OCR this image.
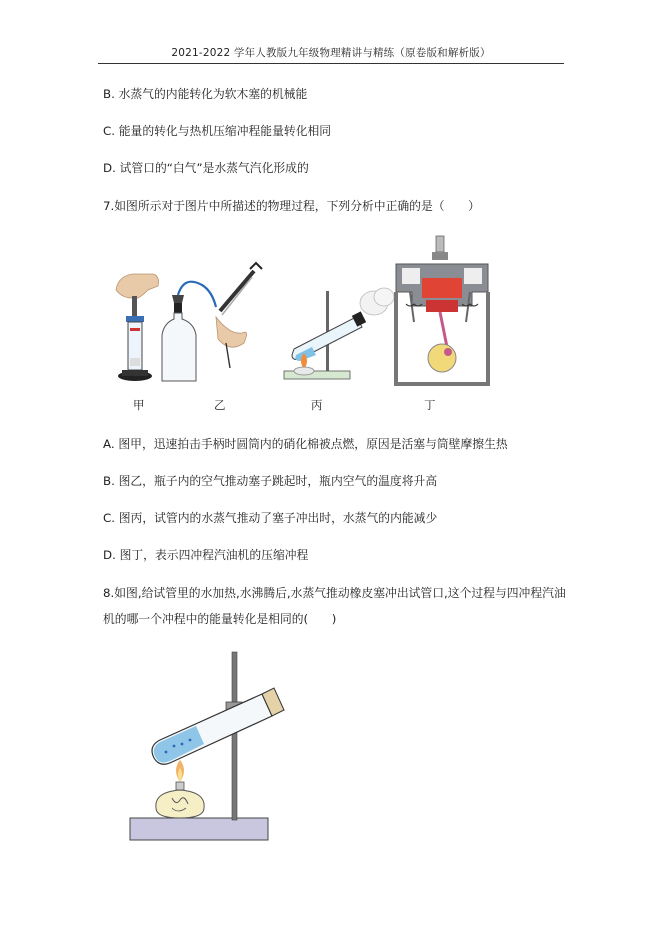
2021-2022 学年人教版九年级物理精讲与精练（原卷版和解析版）
B. 水蒸气的内能转化为软木塞的机械能
C. 能量的转化与热机压缩冲程能量转化相同
D. 试管口的“白气”是水蒸气汽化形成的
7.如图所示对于图片中所描述的物理过程，下列分析中正确的是（　　）
甲	乙	丙	丁
A. 图甲，迅速拍击手柄时圆筒内的硝化棉被点燃，原因是活塞与筒壁摩擦生热
B. 图乙，瓶子内的空气推动塞子跳起时，瓶内空气的温度将升高
C. 图丙，试管内的水蒸气推动了塞子冲出时，水蒸气的内能减少
D. 图丁，表示四冲程汽油机的压缩冲程
8.如图,给试管里的水加热,水沸腾后,水蒸气推动橡皮塞冲出试管口,这个过程与四冲程汽油
机的哪一个冲程中的能量转化是相同的(　　)
